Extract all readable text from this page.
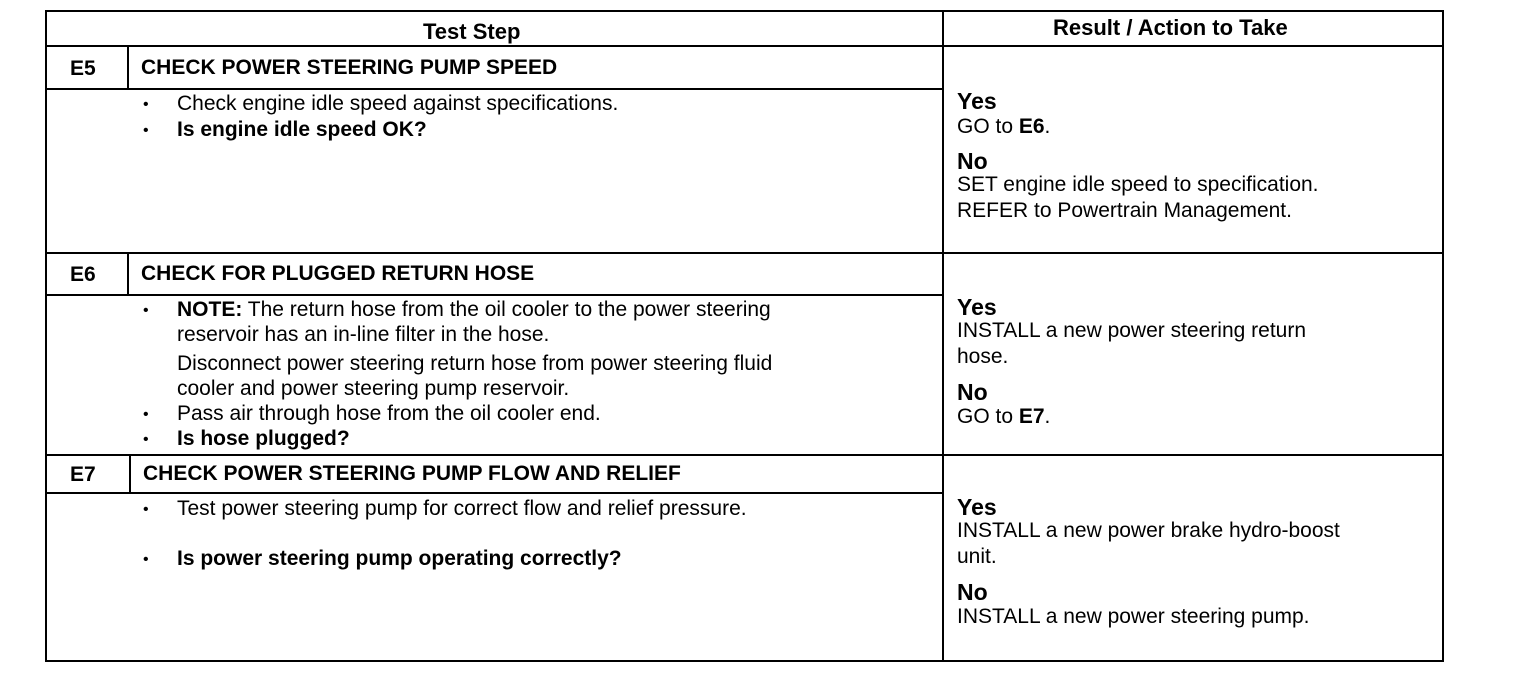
Test Step	Result / Action to Take
E5 CHECK POWER STEERING PUMP SPEED
• Check engine idle speed against specifications.
• Is engine idle speed OK?
Yes
GO to E6.
No
SET engine idle speed to specification.
REFER to Powertrain Management.
E6 CHECK FOR PLUGGED RETURN HOSE
• NOTE: The return hose from the oil cooler to the power steering
reservoir has an in-line filter in the hose.
Disconnect power steering return hose from power steering fluid
cooler and power steering pump reservoir.
• Pass air through hose from the oil cooler end.
• Is hose plugged?
Yes
INSTALL a new power steering return
hose.
No
GO to E7.
E7 CHECK POWER STEERING PUMP FLOW AND RELIEF
• Test power steering pump for correct flow and relief pressure.
• Is power steering pump operating correctly?
Yes
INSTALL a new power brake hydro-boost
unit.
No
INSTALL a new power steering pump.
